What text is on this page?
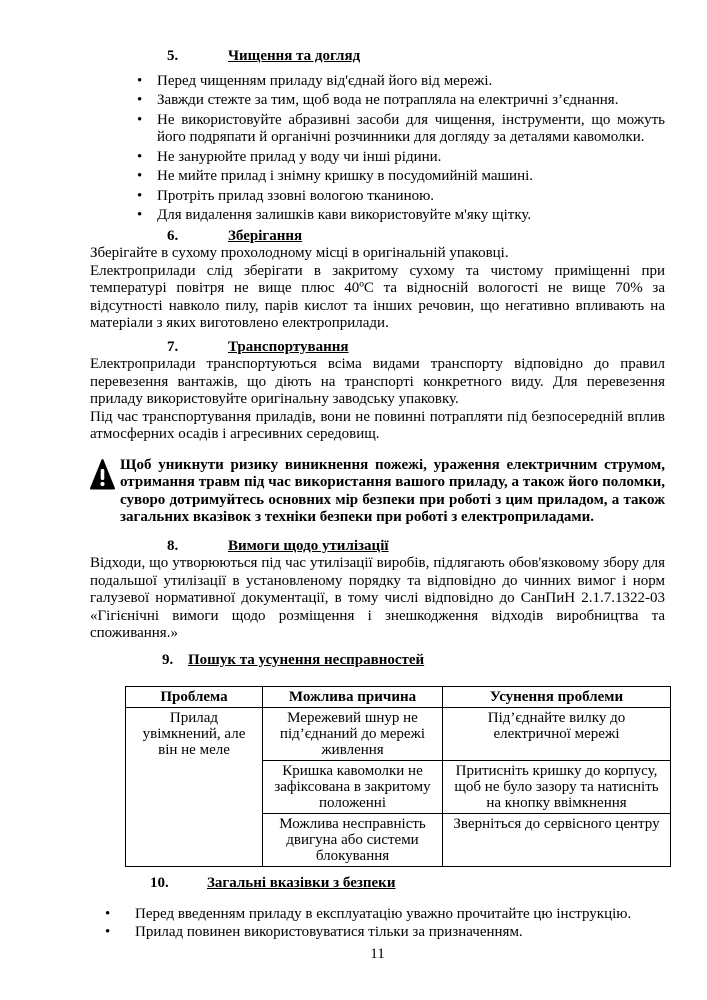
5.	Чищення та догляд
• Перед чищенням приладу від'єднай його від мережі.
• Завжди стежте за тим, щоб вода не потрапляла на електричні з’єднання.
• Не використовуйте абразивні засоби для чищення, інструменти, що можуть його подряпати й органічні розчинники для догляду за деталями кавомолки.
• Не занурюйте прилад у воду чи інші рідини.
• Не мийте прилад і знімну кришку в посудомийній машині.
• Протріть прилад ззовні вологою тканиною.
• Для видалення залишків кави використовуйте м'яку щітку.
6.	Зберігання

Зберігайте в сухому прохолодному місці в оригінальній упаковці.

Електроприлади слід зберігати в закритому сухому та чистому приміщенні при температурі повітря не вище плюс 40ºС та відносній вологості не вище 70% за відсутності навколо пилу, парів кислот та інших речовин, що негативно впливають на матеріали з яких виготовлено електроприлади.

7.	Транспортування

Електроприлади транспортуються всіма видами транспорту відповідно до правил перевезення вантажів, що діють на транспорті конкретного виду. Для перевезення приладу використовуйте оригінальну заводську упаковку.

Під час транспортування приладів, вони не повинні потрапляти під безпосередній вплив атмосферних осадів і агресивних середовищ.

Щоб уникнути ризику виникнення пожежі, ураження електричним струмом, отримання травм під час використання вашого приладу, а також його поломки, суворо дотримуйтесь основних мір безпеки при роботі з цим приладом, а також загальних вказівок з техніки безпеки при роботі з електроприладами.
8.	Вимоги щодо утилізації

Відходи, що утворюються під час утилізації виробів, підлягають обов'язковому збору для подальшої утилізації в установленому порядку та відповідно до чинних вимог і норм галузевої нормативної документації, в тому числі відповідно до СанПиН 2.1.7.1322-03 «Гігієнічні вимоги щодо розміщення і знешкодження відходів виробництва та споживання.»

9. Пошук та усунення несправностей
Проблема	Можлива причина	Усунення проблеми
Прилад увімкнений, але він не меле	Мережевий шнур не під’єднаний до мережі живлення	Під’єднайте вилку до електричної мережі
	Кришка кавомолки не зафіксована в закритому положенні	Притисніть кришку до корпусу, щоб не було зазору та натисніть на кнопку ввімкнення
	Можлива несправність двигуна або системи блокування	Зверніться до сервісного центру
10.	Загальні вказівки з безпеки
• Перед введенням приладу в експлуатацію уважно прочитайте цю інструкцію.
• Прилад повинен використовуватися тільки за призначенням.
11
